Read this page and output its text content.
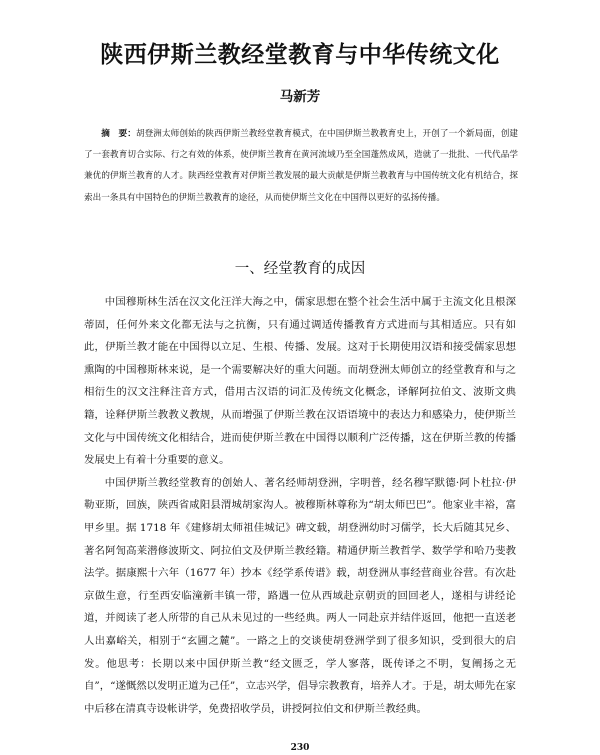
陕西伊斯兰教经堂教育与中华传统文化
马新芳
摘　要：胡登洲太师创始的陕西伊斯兰教经堂教育模式，在中国伊斯兰教教育史上，开创了一个新局面，创建了一套教育切合实际、行之有效的体系，使伊斯兰教育在黄河流域乃至全国蓬然成风，造就了一批批、一代代品学兼优的伊斯兰教育的人才。陕西经堂教育对伊斯兰教发展的最大贡献是伊斯兰教教育与中国传统文化有机结合，探索出一条具有中国特色的伊斯兰教教育的途径，从而使伊斯兰文化在中国得以更好的弘扬传播。
一、经堂教育的成因

中国穆斯林生活在汉文化汪洋大海之中，儒家思想在整个社会生活中属于主流文化且根深蒂固，任何外来文化都无法与之抗衡，只有通过调适传播教育方式进而与其相适应。只有如此，伊斯兰教才能在中国得以立足、生根、传播、发展。这对于长期使用汉语和接受儒家思想熏陶的中国穆斯林来说，是一个需要解决好的重大问题。而胡登洲太师创立的经堂教育和与之相衍生的汉文注释注音方式，借用古汉语的词汇及传统文化概念，译解阿拉伯文、波斯文典籍，诠释伊斯兰教教义教规，从而增强了伊斯兰教在汉语语境中的表达力和感染力，使伊斯兰文化与中国传统文化相结合，进而使伊斯兰教在中国得以顺利广泛传播，这在伊斯兰教的传播发展史上有着十分重要的意义。

中国伊斯兰教经堂教育的创始人、著名经师胡登洲，字明普，经名穆罕默德·阿卜杜拉·伊勒亚斯，回族，陕西省咸阳县渭城胡家沟人。被穆斯林尊称为“胡太师巴巴”。他家业丰裕，富甲乡里。据 1718 年《建修胡太师祖佳城记》碑文载，胡登洲幼时习儒学，长大后随其兄乡、著名阿訇高莱潜修波斯文、阿拉伯文及伊斯兰教经籍。精通伊斯兰教哲学、数学学和哈乃斐教法学。据康熙十六年（1677 年）抄本《经学系传谱》载，胡登洲从事经营商业谷营。有次赴京做生意，行至西安临潼新丰镇一带，路遇一位从西域赴京朝贡的回回老人，遂相与讲经论道，并阅读了老人所带的自己从未见过的一些经典。两人一同赴京并结伴返回，他把一直送老人出嘉峪关，相别于“玄圃之麓”。一路之上的交谈使胡登洲学到了很多知识，受到很大的启发。他思考：长期以来中国伊斯兰教“经文匮乏，学人寥落，既传译之不明，复阐扬之无自”，“遂慨然以发明正道为己任”，立志兴学，倡导宗教教育，培养人才。于是，胡太师先在家中后移在清真寺设帐讲学，免费招收学员，讲授阿拉伯文和伊斯兰教经典。

230
